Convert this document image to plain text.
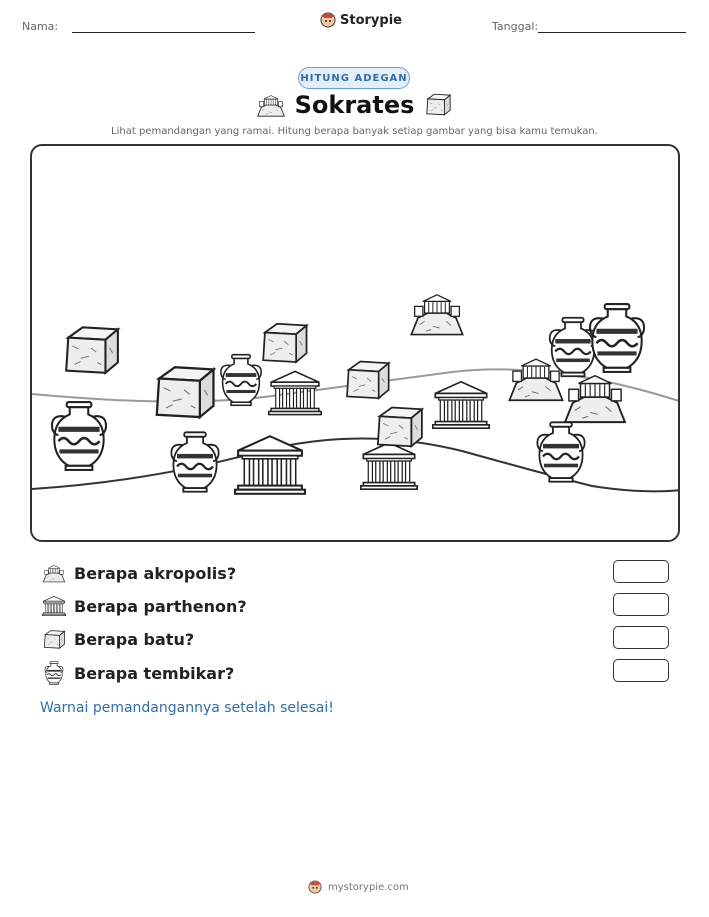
Nama:	Storypie	Tanggal:
HITUNG ADEGAN
Sokrates
Lihat pemandangan yang ramai. Hitung berapa banyak setiap gambar yang bisa kamu temukan.
Berapa akropolis?
Berapa parthenon?
Berapa batu?
Berapa tembikar?
Warnai pemandangannya setelah selesai!
mystorypie.com
